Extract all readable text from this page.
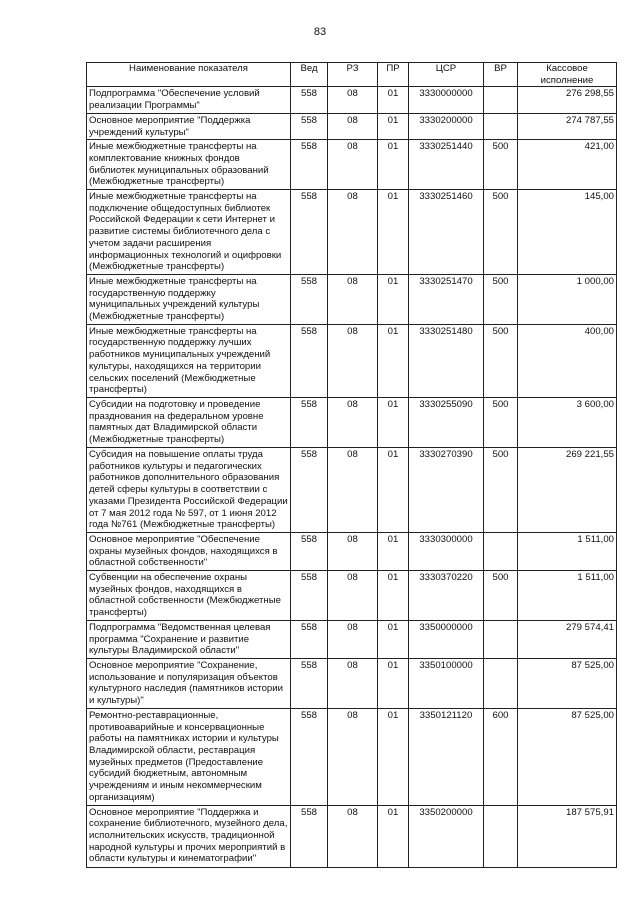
83
Наименование показателя	Вед	РЗ	ПР	ЦСР	ВР	Кассовое исполнение
Подпрограмма "Обеспечение условий реализации Программы"	558	08	01	3330000000		276 298,55
Основное мероприятие "Поддержка учреждений культуры"	558	08	01	3330200000		274 787,55
Иные межбюджетные трансферты на комплектование книжных фондов библиотек муниципальных образований (Межбюджетные трансферты)	558	08	01	3330251440	500	421,00
Иные межбюджетные трансферты на подключение общедоступных библиотек Российской Федерации к сети Интернет и развитие системы библиотечного дела с учетом задачи расширения информационных технологий и оцифровки (Межбюджетные трансферты)	558	08	01	3330251460	500	145,00
Иные межбюджетные трансферты на государственную поддержку муниципальных учреждений культуры (Межбюджетные трансферты)	558	08	01	3330251470	500	1 000,00
Иные межбюджетные трансферты на государственную поддержку лучших работников муниципальных учреждений культуры, находящихся на территории сельских поселений (Межбюджетные трансферты)	558	08	01	3330251480	500	400,00
Субсидии на подготовку и проведение празднования на федеральном уровне памятных дат Владимирской области (Межбюджетные трансферты)	558	08	01	3330255090	500	3 600,00
Субсидия на повышение оплаты труда работников культуры и педагогических работников дополнительного образования детей сферы культуры в соответствии с указами Президента Российской Федерации от 7 мая 2012 года № 597, от 1 июня 2012 года №761 (Межбюджетные трансферты)	558	08	01	3330270390	500	269 221,55
Основное мероприятие "Обеспечение охраны музейных фондов, находящихся в областной собственности"	558	08	01	3330300000		1 511,00
Субвенции на обеспечение охраны музейных фондов, находящихся в областной собственности (Межбюджетные трансферты)	558	08	01	3330370220	500	1 511,00
Подпрограмма "Ведомственная целевая программа "Сохранение и развитие культуры Владимирской области"	558	08	01	3350000000		279 574,41
Основное мероприятие "Сохранение, использование и популяризация объектов культурного наследия (памятников истории и культуры)"	558	08	01	3350100000		87 525,00
Ремонтно-реставрационные, противоаварийные и консервационные работы на памятниках истории и культуры Владимирской области, реставрация музейных предметов (Предоставление субсидий бюджетным, автономным учреждениям и иным некоммерческим организациям)	558	08	01	3350121120	600	87 525,00
Основное мероприятие "Поддержка и сохранение библиотечного, музейного дела, исполнительских искусств, традиционной народной культуры и прочих мероприятий в области культуры и кинематографии"	558	08	01	3350200000		187 575,91
